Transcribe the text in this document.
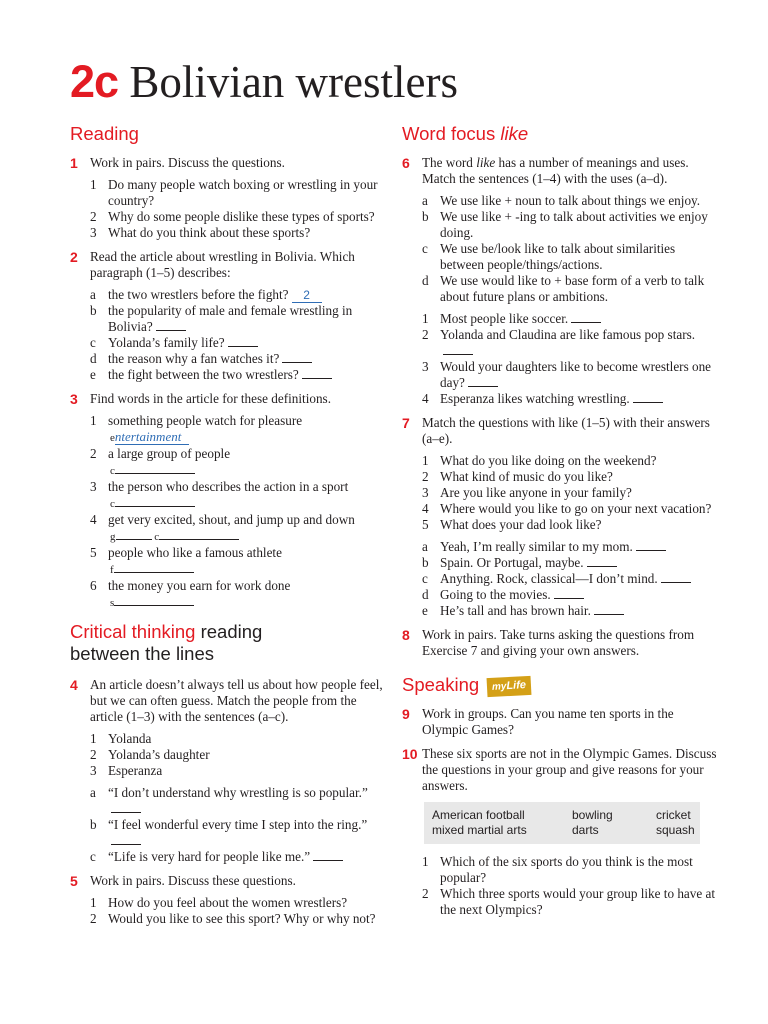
2c Bolivian wrestlers
Reading
1 Work in pairs. Discuss the questions.
1 Do many people watch boxing or wrestling in your country?
2 Why do some people dislike these types of sports?
3 What do you think about these sports?
2 Read the article about wrestling in Bolivia. Which paragraph (1–5) describes:
a the two wrestlers before the fight? 2
b the popularity of male and female wrestling in Bolivia?
c Yolanda’s family life?
d the reason why a fan watches it?
e the fight between the two wrestlers?
3 Find words in the article for these definitions.
1 something people watch for pleasure
entertainment
2 a large group of people
c
3 the person who describes the action in a sport
c
4 get very excited, shout, and jump up and down
g	c
5 people who like a famous athlete
f
6 the money you earn for work done
s
Critical thinking reading
between the lines
4 An article doesn’t always tell us about how people feel, but we can often guess. Match the people from the article (1–3) with the sentences (a–c).
1 Yolanda
2 Yolanda’s daughter
3 Esperanza
a “I don’t understand why wrestling is so popular.”
b “I feel wonderful every time I step into the ring.”
c “Life is very hard for people like me.”
5 Work in pairs. Discuss these questions.
1 How do you feel about the women wrestlers?
2 Would you like to see this sport? Why or why not?
Word focus like
6 The word like has a number of meanings and uses. Match the sentences (1–4) with the uses (a–d).
a We use like + noun to talk about things we enjoy.
b We use like + -ing to talk about activities we enjoy doing.
c We use be/look like to talk about similarities between people/things/actions.
d We use would like to + base form of a verb to talk about future plans or ambitions.
1 Most people like soccer.
2 Yolanda and Claudina are like famous pop stars.
3 Would your daughters like to become wrestlers one day?
4 Esperanza likes watching wrestling.
7 Match the questions with like (1–5) with their answers (a–e).
1 What do you like doing on the weekend?
2 What kind of music do you like?
3 Are you like anyone in your family?
4 Where would you like to go on your next vacation?
5 What does your dad look like?
a Yeah, I’m really similar to my mom.
b Spain. Or Portugal, maybe.
c Anything. Rock, classical—I don’t mind.
d Going to the movies.
e He’s tall and has brown hair.
8 Work in pairs. Take turns asking the questions from Exercise 7 and giving your own answers.
Speaking myLife
9 Work in groups. Can you name ten sports in the Olympic Games?
10 These six sports are not in the Olympic Games. Discuss the questions in your group and give reasons for your answers.
American football	bowling	cricket
mixed martial arts	darts	squash
1 Which of the six sports do you think is the most popular?
2 Which three sports would your group like to have at the next Olympics?
